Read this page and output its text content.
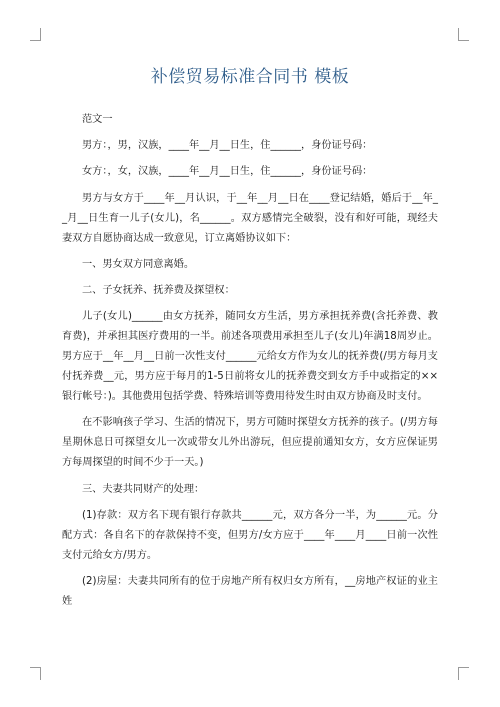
补偿贸易标准合同书 模板

范文一

男方：，男，汉族，____年__月__日生，住______，身份证号码：

女方：，女，汉族，____年__月__日生，住______，身份证号码：

男方与女方于____年__月认识，于__年__月__日在____登记结婚，婚后于__年__月__日生育一儿子(女儿)，名______。双方感情完全破裂，没有和好可能，现经夫妻双方自愿协商达成一致意见，订立离婚协议如下：

一、男女双方同意离婚。

二、子女抚养、抚养费及探望权：

儿子(女儿)______由女方抚养，随同女方生活，男方承担抚养费(含托养费、教育费)，并承担其医疗费用的一半。前述各项费用承担至儿子(女儿)年满18周岁止。男方应于__年__月__日前一次性支付______元给女方作为女儿的抚养费(/男方每月支付抚养费__元，男方应于每月的1-5日前将女儿的抚养费交到女方手中或指定的××银行帐号：)。其他费用包括学费、特殊培训等费用待发生时由双方协商及时支付。

在不影响孩子学习、生活的情况下，男方可随时探望女方抚养的孩子。(/男方每星期休息日可探望女儿一次或带女儿外出游玩，但应提前通知女方，女方应保证男方每周探望的时间不少于一天。)

三、夫妻共同财产的处理：

(1)存款：双方名下现有银行存款共______元，双方各分一半，为______元。分配方式：各自名下的存款保持不变，但男方/女方应于____年____月____日前一次性支付元给女方/男方。

(2)房屋：夫妻共同所有的位于房地产所有权归女方所有，__房地产权证的业主姓
